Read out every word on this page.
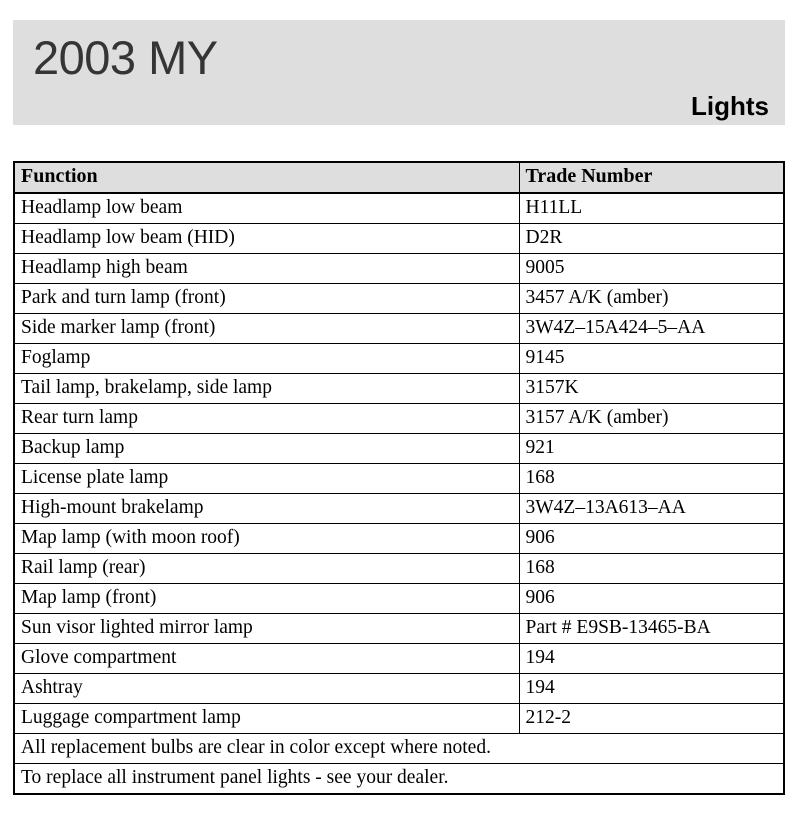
2003 MY
Lights
Function	Trade Number
Headlamp low beam	H11LL
Headlamp low beam (HID)	D2R
Headlamp high beam	9005
Park and turn lamp (front)	3457 A/K (amber)
Side marker lamp (front)	3W4Z–15A424–5–AA
Foglamp	9145
Tail lamp, brakelamp, side lamp	3157K
Rear turn lamp	3157 A/K (amber)
Backup lamp	921
License plate lamp	168
High-mount brakelamp	3W4Z–13A613–AA
Map lamp (with moon roof)	906
Rail lamp (rear)	168
Map lamp (front)	906
Sun visor lighted mirror lamp	Part # E9SB-13465-BA
Glove compartment	194
Ashtray	194
Luggage compartment lamp	212-2
All replacement bulbs are clear in color except where noted.	
To replace all instrument panel lights - see your dealer.	
